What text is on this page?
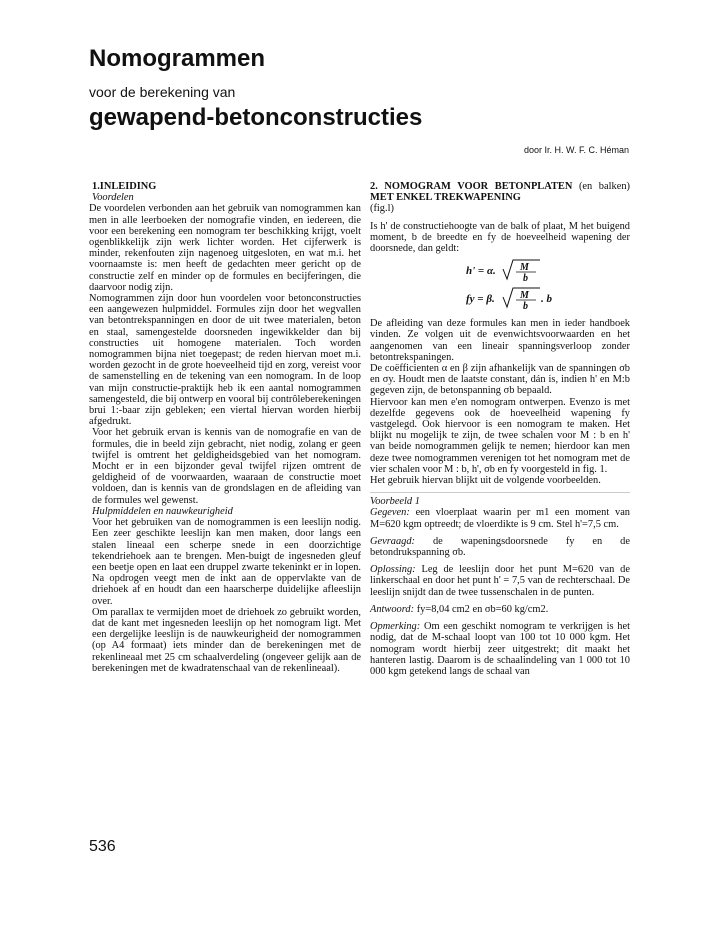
Nomogrammen
voor de berekening van
gewapend-betonconstructies
door Ir. H. W. F. C. Héman

1.INLEIDING

Voordelen

De voordelen verbonden aan het gebruik van nomogrammen kan men in alle leerboeken der nomografie vinden, en iedereen, die voor een berekening een nomogram ter beschikking krijgt, voelt ogenblikkelijk zijn werk lichter worden. Het cijferwerk is minder, rekenfouten zijn nagenoeg uitgesloten, en wat m.i. het voornaamste is: men heeft de gedachten meer gericht op de constructie zelf en minder op de formules en becijferingen, die daarvoor nodig zijn.

Nomogrammen zijn door hun voordelen voor betonconstructies een aangewezen hulpmiddel. Formules zijn door het wegvallen van betontrekspanningen en door de uit twee materialen, beton en staal, samengestelde doorsneden ingewikkelder dan bij constructies uit homogene materialen. Toch worden nomogrammen bijna niet toegepast; de reden hiervan moet m.i. worden gezocht in de grote hoeveelheid tijd en zorg, vereist voor de samenstelling en de tekening van een nomogram. In de loop van mijn constructie-praktijk heb ik een aantal nomogrammen samengesteld, die bij ontwerp en vooral bij contrôleberekeningen brui 1:-baar zijn gebleken; een viertal hiervan worden hierbij afgedrukt.

Voor het gebruik ervan is kennis van de nomografie en van de formules, die in beeld zijn gebracht, niet nodig, zolang er geen twijfel is omtrent het geldigheidsgebied van het nomogram. Mocht er in een bijzonder geval twijfel rijzen omtrent de geldigheid of de voorwaarden, waaraan de constructie moet voldoen, dan is kennis van de grondslagen en de afleiding van de formules wel gewenst.

Hulpmiddelen en nauwkeurigheid

Voor het gebruiken van de nomogrammen is een leeslijn nodig. Een zeer geschikte leeslijn kan men maken, door langs een stalen lineaal een scherpe snede in een doorzichtige tekendriehoek aan te brengen. Men-buigt de ingesneden gleuf een beetje open en laat een druppel zwarte tekeninkt er in lopen. Na opdrogen veegt men de inkt aan de oppervlakte van de driehoek af en houdt dan een haarscherpe duidelijke afleeslijn over.

Om parallax te vermijden moet de driehoek zo gebruikt worden, dat de kant met ingesneden leeslijn op het nomogram ligt. Met een dergelijke leeslijn is de nauwkeurigheid der nomogrammen (op A4 formaat) iets minder dan de berekeningen met de rekenlineaal met 25 cm schaalverdeling (ongeveer gelijk aan de berekeningen met de kwadratenschaal van de rekenlineaal).

536

2. NOMOGRAM VOOR BETONPLATEN (en balken) MET ENKEL TREKWAPENING

(fig.l)

Is h' de constructiehoogte van de balk of plaat, M het buigend moment, b de breedte en fy de hoeveelheid wapening der doorsnede, dan geldt:

h' = α. M
b
fy = β.	M
b
. b

De afleiding van deze formules kan men in ieder handboek vinden. Ze volgen uit de evenwichtsvoorwaarden en het aangenomen van een lineair spanningsverloop zonder betontrekspaningen.

De coëfficienten α en β zijn afhankelijk van de spanningen σb en σy. Houdt men de laatste constant, dán is, indien h' en M:b gegeven zijn, de betonspanning σb bepaald.

Hiervoor kan men e'en nomogram ontwerpen. Evenzo is met dezelfde gegevens ook de hoeveelheid wapening fy vastgelegd. Ook hiervoor is een nomogram te maken. Het blijkt nu mogelijk te zijn, de twee schalen voor M : b en h' van beide nomogrammen gelijk te nemen; hierdoor kan men deze twee nomogrammen verenigen tot het nomogram met de vier schalen voor M : b, h', σb en fy voorgesteld in fig. 1.

Het gebruik hiervan blijkt uit de volgende voorbeelden.

Voorbeeld 1

Gegeven: een vloerplaat waarin per m1 een moment van M=620 kgm optreedt; de vloerdikte is 9 cm. Stel h'=7,5 cm.

Gevraagd: de wapeningsdoorsnede fy en de betondrukspanning σb.

Oplossing: Leg de leeslijn door het punt M=620 van de linkerschaal en door het punt h' = 7,5 van de rechterschaal. De leeslijn snijdt dan de twee tussenschalen in de punten.

Antwoord: fy=8,04 cm2 en σb=60 kg/cm2.

Opmerking: Om een geschikt nomogram te verkrijgen is het nodig, dat de M-schaal loopt van 100 tot 10 000 kgm. Het nomogram wordt hierbij zeer uitgestrekt; dit maakt het hanteren lastig. Daarom is de schaalindeling van 1 000 tot 10 000 kgm getekend langs de schaal van
